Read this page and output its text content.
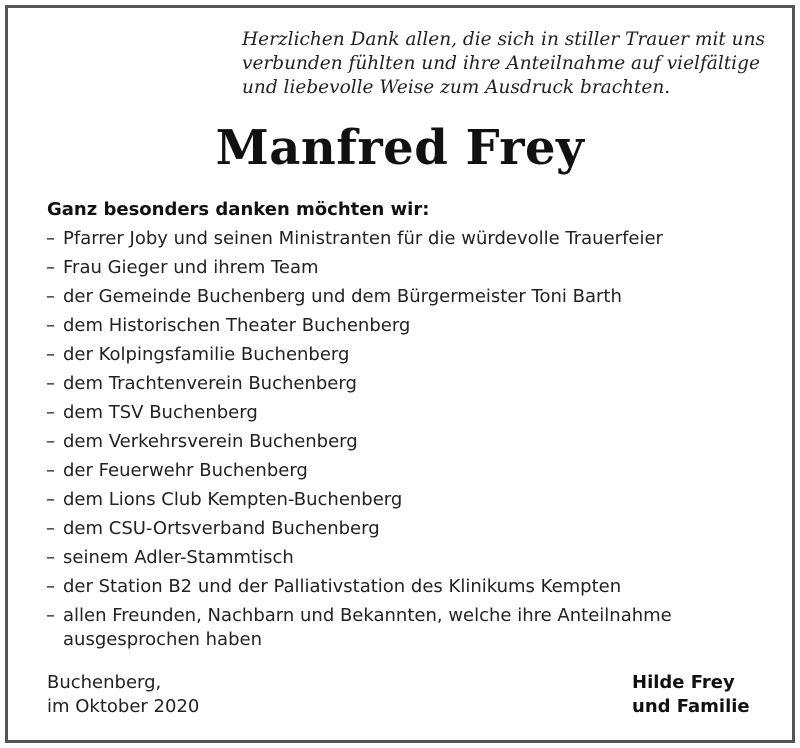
Herzlichen Dank allen, die sich in stiller Trauer mit uns
verbunden fühlten und ihre Anteilnahme auf vielfältige
und liebevolle Weise zum Ausdruck brachten.
Manfred Frey
Ganz besonders danken möchten wir:
– Pfarrer Joby und seinen Ministranten für die würdevolle Trauerfeier
– Frau Gieger und ihrem Team
– der Gemeinde Buchenberg und dem Bürgermeister Toni Barth
– dem Historischen Theater Buchenberg
– der Kolpingsfamilie Buchenberg
– dem Trachtenverein Buchenberg
– dem TSV Buchenberg
– dem Verkehrsverein Buchenberg
– der Feuerwehr Buchenberg
– dem Lions Club Kempten-Buchenberg
– dem CSU-Ortsverband Buchenberg
– seinem Adler-Stammtisch
– der Station B2 und der Palliativstation des Klinikums Kempten
– allen Freunden, Nachbarn und Bekannten, welche ihre Anteilnahme ausgesprochen haben
Buchenberg,
im Oktober 2020
Hilde Frey
und Familie
